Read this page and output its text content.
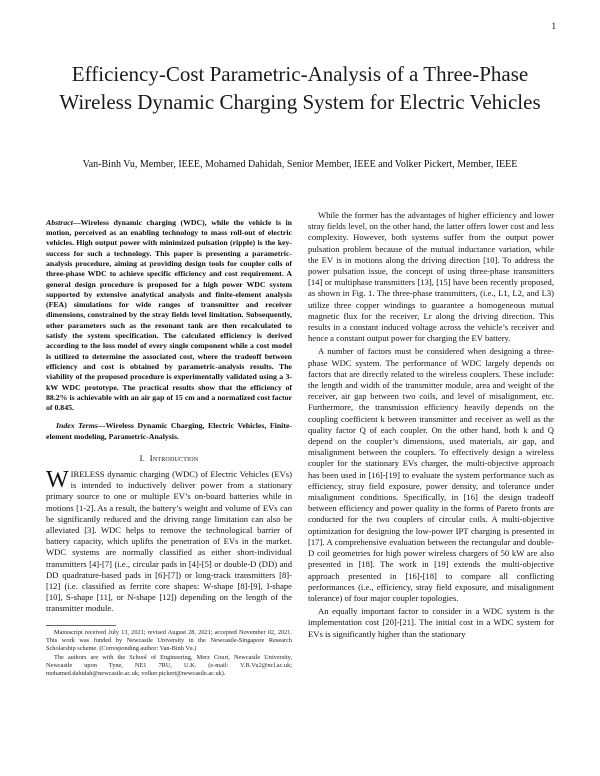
1
Efficiency-Cost Parametric-Analysis of a Three-Phase Wireless Dynamic Charging System for Electric Vehicles
Van-Binh Vu, Member, IEEE, Mohamed Dahidah, Senior Member, IEEE and Volker Pickert, Member, IEEE

Abstract—Wireless dynamic charging (WDC), while the vehicle is in motion, perceived as an enabling technology to mass roll-out of electric vehicles. High output power with minimized pulsation (ripple) is the key-success for such a technology. This paper is presenting a parametric-analysis procedure, aiming at providing design tools for coupler coils of three-phase WDC to achieve specific efficiency and cost requirement. A general design procedure is proposed for a high power WDC system supported by extensive analytical analysis and finite-element analysis (FEA) simulations for wide ranges of transmitter and receiver dimensions, constrained by the stray fields level limitation. Subsequently, other parameters such as the resonant tank are then recalculated to satisfy the system specification. The calculated efficiency is derived according to the loss model of every single component while a cost model is utilized to determine the associated cost, where the tradeoff between efficiency and cost is obtained by parametric-analysis results. The viability of the proposed procedure is experimentally validated using a 3-kW WDC prototype. The practical results show that the efficiency of 88.2% is achievable with an air gap of 15 cm and a normalized cost factor of 0.845.

Index Terms—Wireless Dynamic Charging, Electric Vehicles, Finite-element modeling, Parametric-Analysis.

I. Introduction

WIRELESS dynamic charging (WDC) of Electric Vehicles (EVs) is intended to inductively deliver power from a stationary primary source to one or multiple EV’s on-board batteries while in motions [1-2]. As a result, the battery’s weight and volume of EVs can be significantly reduced and the driving range limitation can also be alleviated [3]. WDC helps to remove the technological barrier of battery capacity, which uplifts the penetration of EVs in the market. WDC systems are normally classified as either short-individual transmitters [4]-[7] (i.e., circular pads in [4]-[5] or double-D (DD) and DD quadrature-based pads in [6]-[7]) or long-track transmitters [8]-[12] (i.e. classified as ferrite core shapes: W-shape [8]-[9], I-shape [10], S-shape [11], or N-shape [12]) depending on the length of the transmitter module.

Manuscript received July 13, 2021; revised August 28, 2021; accepted November 02, 2021. This work was funded by Newcastle University in the Newcastle-Singapore Research Scholarship scheme. (Corresponding author: Van-Binh Vu.)

The authors are with the School of Engineering, Merz Court, Newcastle University, Newcastle upon Tyne, NE1 7RU, U.K. (e-mail: V.B.Vu2@ncl.ac.uk; mohamed.dahidah@newcastle.ac.uk; volker.pickert@newcastle.ac.uk).

While the former has the advantages of higher efficiency and lower stray fields level, on the other hand, the latter offers lower cost and less complexity. However, both systems suffer from the output power pulsation problem because of the mutual inductance variation, while the EV is in motions along the driving direction [10]. To address the power pulsation issue, the concept of using three-phase transmitters [14] or multiphase transmitters [13], [15] have been recently proposed, as shown in Fig. 1. The three-phase transmitters, (i.e., L1, L2, and L3) utilize three copper windings to guarantee a homogeneous mutual magnetic flux for the receiver, Lr along the driving direction. This results in a constant induced voltage across the vehicle’s receiver and hence a constant output power for charging the EV battery.

A number of factors must be considered when designing a three-phase WDC system. The performance of WDC largely depends on factors that are directly related to the wireless couplers. These include: the length and width of the transmitter module, area and weight of the receiver, air gap between two coils, and level of misalignment, etc. Furthermore, the transmission efficiency heavily depends on the coupling coefficient k between transmitter and receiver as well as the quality factor Q of each coupler. On the other hand, both k and Q depend on the coupler’s dimensions, used materials, air gap, and misalignment between the couplers. To effectively design a wireless coupler for the stationary EVs charger, the multi-objective approach has been used in [16]-[19] to evaluate the system performance such as efficiency, stray field exposure, power density, and tolerance under misalignment conditions. Specifically, in [16] the design tradeoff between efficiency and power quality in the forms of Pareto fronts are conducted for the two couplers of circular coils. A multi-objective optimization for designing the low-power IPT charging is presented in [17]. A comprehensive evaluation between the rectangular and double-D coil geometries for high power wireless chargers of 50 kW are also presented in [18]. The work in [19] extends the multi-objective approach presented in [16]-[18] to compare all conflicting performances (i.e., efficiency, stray field exposure, and misalignment tolerance) of four major coupler topologies.

An equally important factor to consider in a WDC system is the implementation cost [20]-[21]. The initial cost in a WDC system for EVs is significantly higher than the stationary
